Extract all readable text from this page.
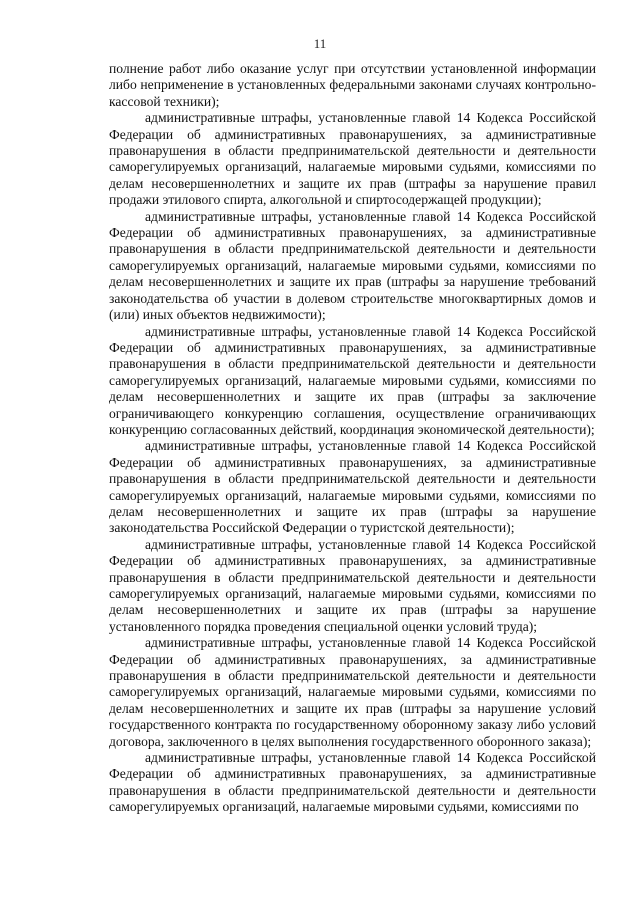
11

полнение работ либо оказание услуг при отсутствии установленной информации либо неприменение в установленных федеральными законами случаях контрольно-кассовой техники);

административные штрафы, установленные главой 14 Кодекса Российской Федерации об административных правонарушениях, за административные правонарушения в области предпринимательской деятельности и деятельности саморегулируемых организаций, налагаемые мировыми судьями, комиссиями по делам несовершеннолетних и защите их прав (штрафы за нарушение правил продажи этилового спирта, алкогольной и спиртосодержащей продукции);

административные штрафы, установленные главой 14 Кодекса Российской Федерации об административных правонарушениях, за административные правонарушения в области предпринимательской деятельности и деятельности саморегулируемых организаций, налагаемые мировыми судьями, комиссиями по делам несовершеннолетних и защите их прав (штрафы за нарушение требований законодательства об участии в долевом строительстве многоквартирных домов и (или) иных объектов недвижимости);

административные штрафы, установленные главой 14 Кодекса Российской Федерации об административных правонарушениях, за административные правонарушения в области предпринимательской деятельности и деятельности саморегулируемых организаций, налагаемые мировыми судьями, комиссиями по делам несовершеннолетних и защите их прав (штрафы за заключение ограничивающего конкуренцию соглашения, осуществление ограничивающих конкуренцию согласованных действий, координация экономической деятельности);

административные штрафы, установленные главой 14 Кодекса Российской Федерации об административных правонарушениях, за административные правонарушения в области предпринимательской деятельности и деятельности саморегулируемых организаций, налагаемые мировыми судьями, комиссиями по делам несовершеннолетних и защите их прав (штрафы за нарушение законодательства Российской Федерации о туристской деятельности);

административные штрафы, установленные главой 14 Кодекса Российской Федерации об административных правонарушениях, за административные правонарушения в области предпринимательской деятельности и деятельности саморегулируемых организаций, налагаемые мировыми судьями, комиссиями по делам несовершеннолетних и защите их прав (штрафы за нарушение установленного порядка проведения специальной оценки условий труда);

административные штрафы, установленные главой 14 Кодекса Российской Федерации об административных правонарушениях, за административные правонарушения в области предпринимательской деятельности и деятельности саморегулируемых организаций, налагаемые мировыми судьями, комиссиями по делам несовершеннолетних и защите их прав (штрафы за нарушение условий государственного контракта по государственному оборонному заказу либо условий договора, заключенного в целях выполнения государственного оборонного заказа);

административные штрафы, установленные главой 14 Кодекса Российской Федерации об административных правонарушениях, за административные правонарушения в области предпринимательской деятельности и деятельности саморегулируемых организаций, налагаемые мировыми судьями, комиссиями по
